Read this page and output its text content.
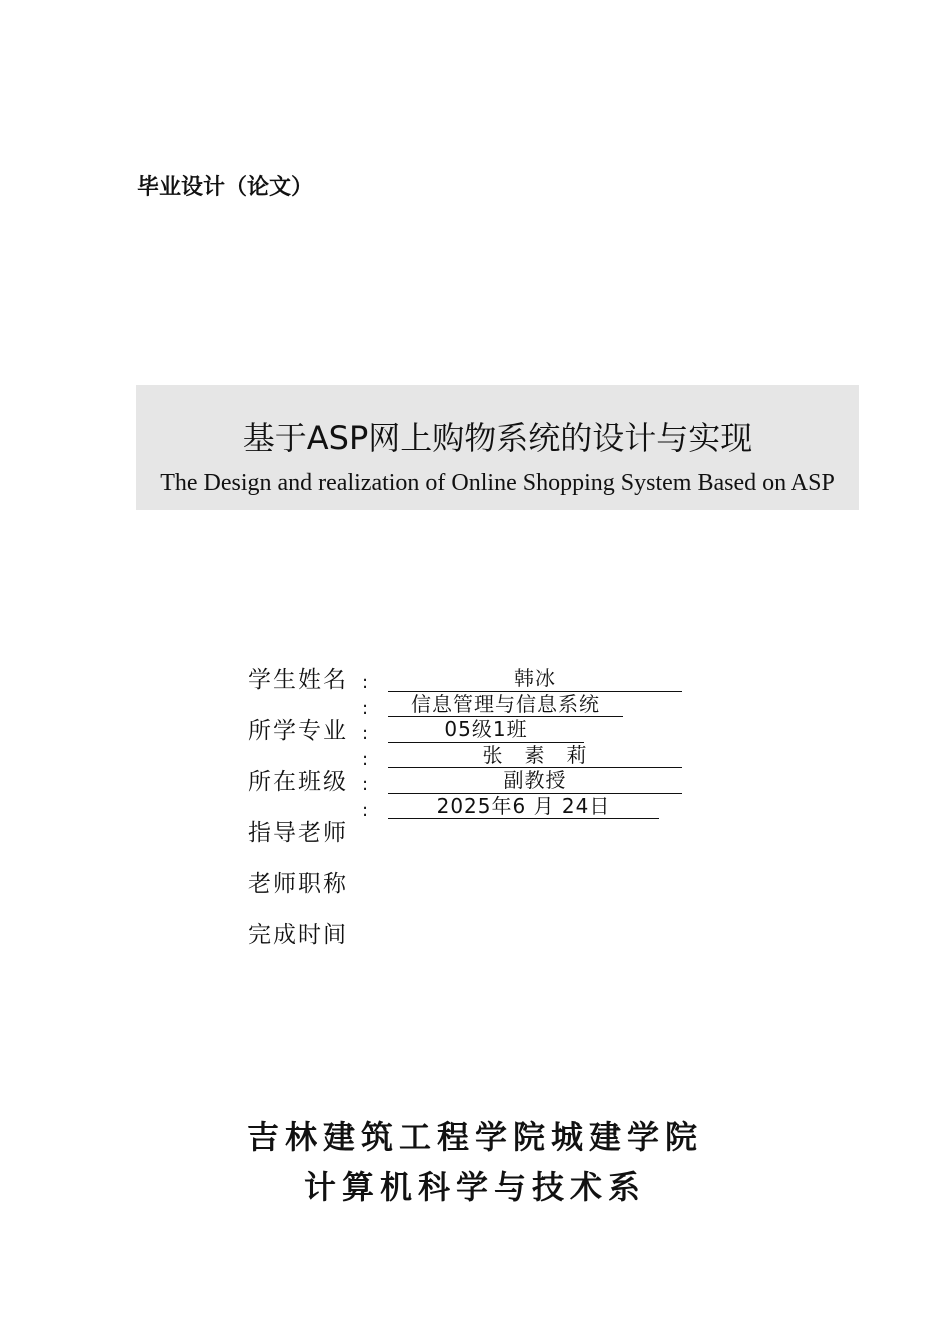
毕业设计（论文）
基于ASP网上购物系统的设计与实现
The Design and realization of Online Shopping System Based on ASP
学生姓名
所学专业
所在班级
指导老师
老师职称
完成时间
:
:
:
:
:
:
韩冰
信息管理与信息系统
05级1班
张　素　莉
副教授
2025年6 月 24日
吉林建筑工程学院城建学院
计算机科学与技术系
